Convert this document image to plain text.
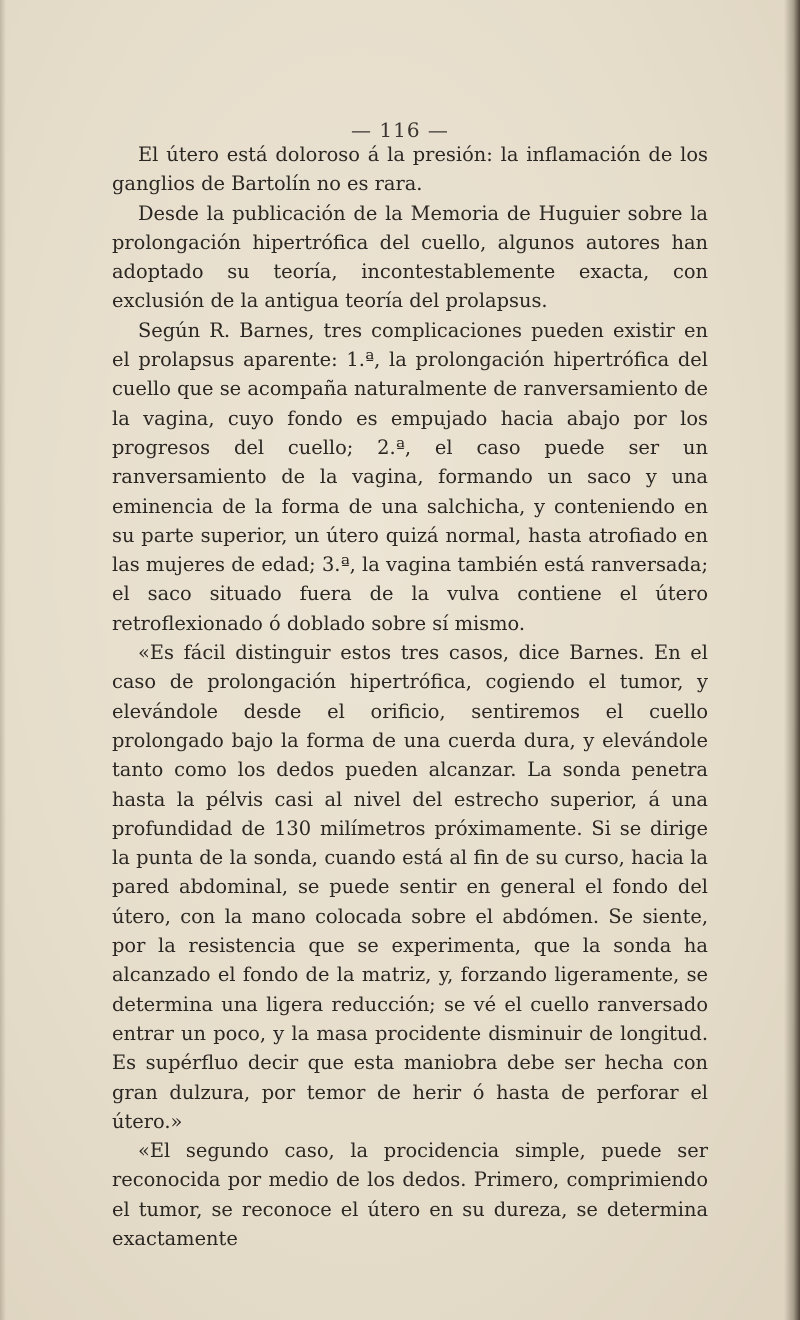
— 116 —

El útero está doloroso á la presión: la inflamación de los ganglios de Bartolín no es rara.

Desde la publicación de la Memoria de Huguier sobre la prolongación hipertrófica del cuello, algunos autores han adoptado su teoría, incontestablemente exacta, con exclusión de la antigua teoría del prolapsus.

Según R. Barnes, tres complicaciones pueden existir en el prolapsus aparente: 1.ª, la prolongación hipertrófica del cuello que se acompaña naturalmente de ranversamiento de la vagina, cuyo fondo es empujado hacia abajo por los progresos del cuello; 2.ª, el caso puede ser un ranversamiento de la vagina, formando un saco y una eminencia de la forma de una salchicha, y conteniendo en su parte superior, un útero quizá normal, hasta atrofiado en las mujeres de edad; 3.ª, la vagina también está ranversada; el saco situado fuera de la vulva contiene el útero retroflexionado ó doblado sobre sí mismo.

«Es fácil distinguir estos tres casos, dice Barnes. En el caso de prolongación hipertrófica, cogiendo el tumor, y elevándole desde el orificio, sentiremos el cuello prolongado bajo la forma de una cuerda dura, y elevándole tanto como los dedos pueden alcanzar. La sonda penetra hasta la pélvis casi al nivel del estrecho superior, á una profundidad de 130 milímetros próximamente. Si se dirige la punta de la sonda, cuando está al fin de su curso, hacia la pared abdominal, se puede sentir en general el fondo del útero, con la mano colocada sobre el abdómen. Se siente, por la resistencia que se experimenta, que la sonda ha alcanzado el fondo de la matriz, y, forzando ligeramente, se determina una ligera reducción; se vé el cuello ranversado entrar un poco, y la masa procidente disminuir de longitud. Es supérfluo decir que esta maniobra debe ser hecha con gran dulzura, por temor de herir ó hasta de perforar el útero.»

«El segundo caso, la procidencia simple, puede ser reconocida por medio de los dedos. Primero, comprimiendo el tumor, se reconoce el útero en su dureza, se determina exactamente
